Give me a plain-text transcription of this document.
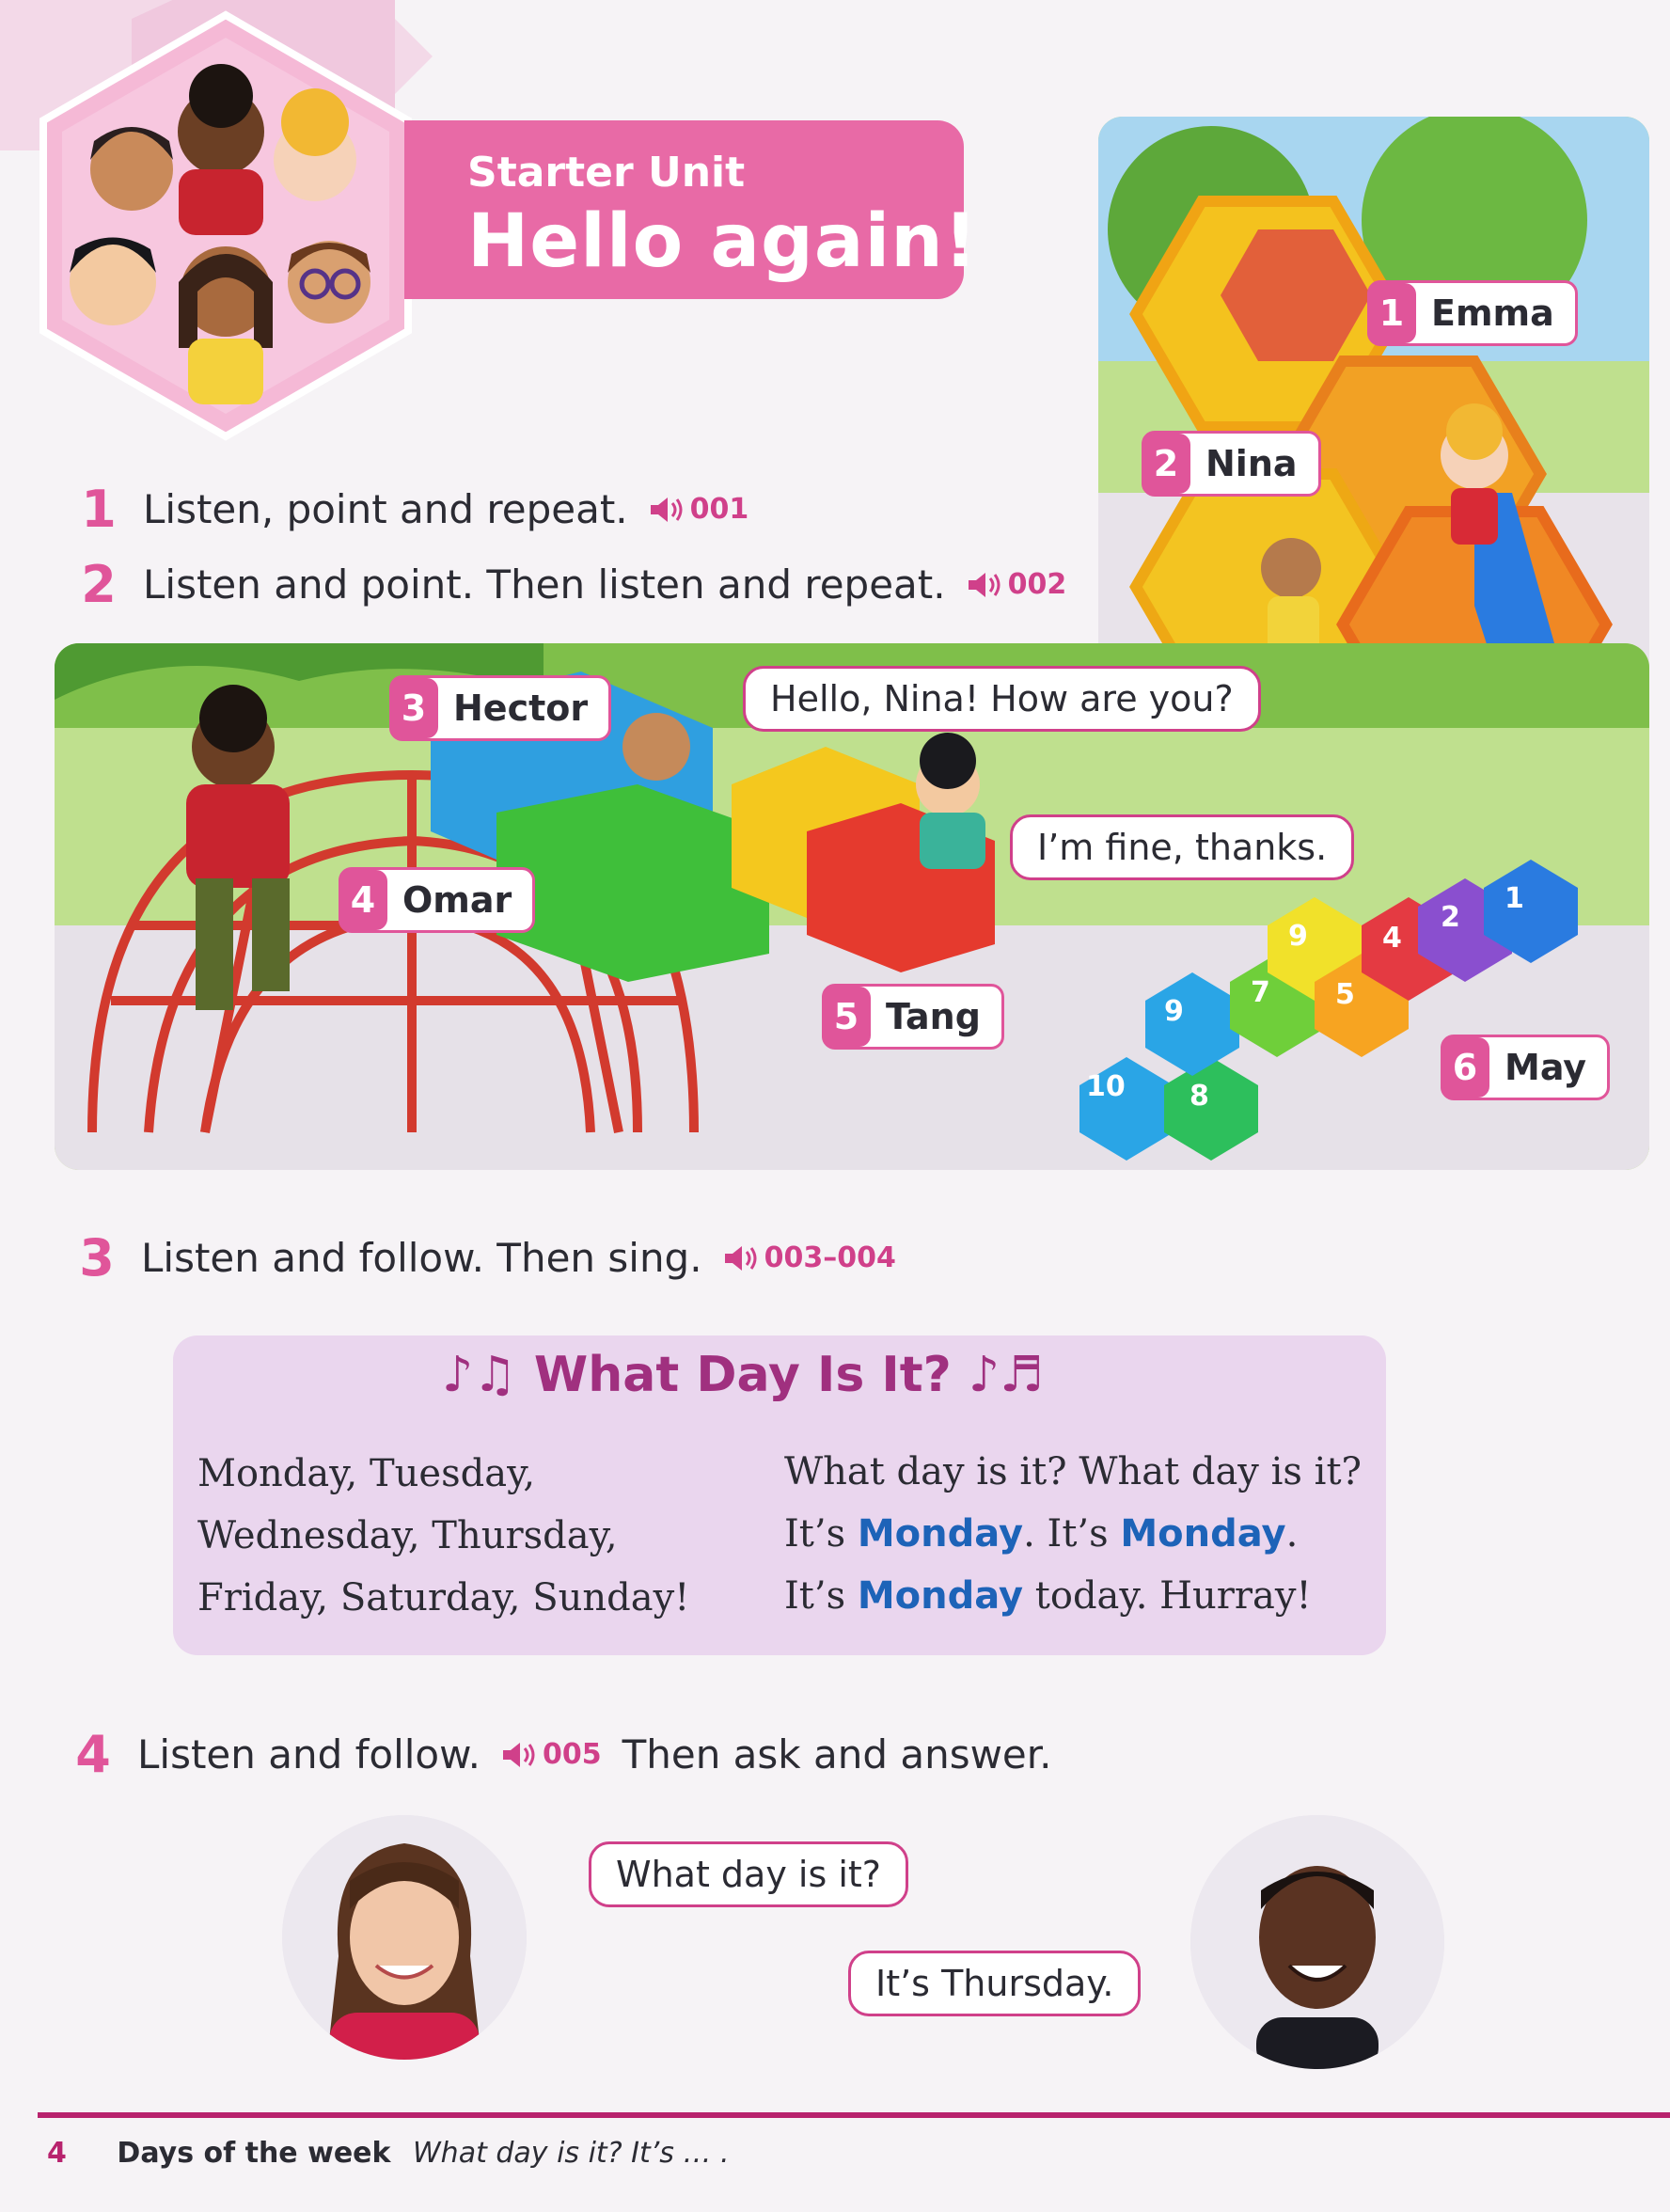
Starter Unit
Hello again!
10 8
9
7
9
5
4
2
1
1 Listen, point and repeat. 001
2 Listen and point. Then listen and repeat. 002
1 Emma
2 Nina
3 Hector
4 Omar
5 Tang
6 May
Hello, Nina! How are you?
I’m fine, thanks.
3 Listen and follow. Then sing. 003–004
♪♫ What Day Is It? ♪♬
Monday, Tuesday,
Wednesday, Thursday,
Friday, Saturday, Sunday!
What day is it? What day is it?
It’s Monday. It’s Monday.
It’s Monday today. Hurray!
4 Listen and follow. 005 Then ask and answer.
What day is it?
It’s Thursday.
4 Days of the week What day is it? It’s … .
